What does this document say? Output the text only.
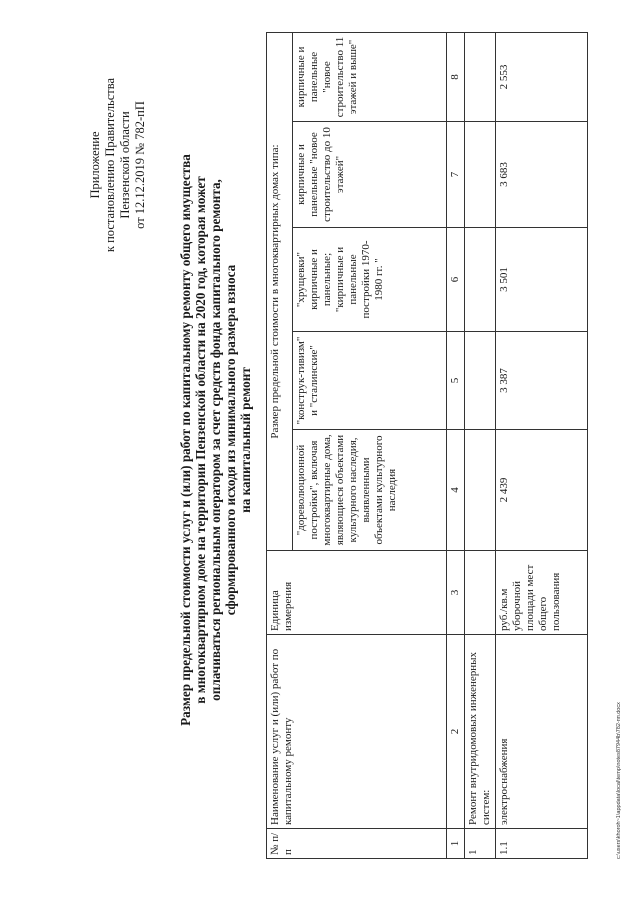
Приложение к постановлению Правительства Пензенской области от 12.12.2019 № 782-пП Размер предельной стоимости услуг и (или) работ по капитальному ремонту общего имущества в многоквартирном доме на территории Пензенской области на 2020 год, которая может оплачиваться региональным оператором за счет средств фонда капитального ремонта, сформированного исходя из минимального размера взноса на капитальный ремонт
№ п/п	Наименование услуг и (или) работ по капитальному ремонту	Единица измерения	Размер предельной стоимости в многоквартирных домах типа:				
			"дореволюционной постройки", включая многоквартирные дома, являющиеся объектами культурного наследия, выявленными объектами культурного наследия	"конструк-тивизм" и "сталинские"	"хрущевки" кирпичные и панельные; "кирпичные и панельные постройки 1970-1980 гг. "	кирпичные и панельные "новое строительство до 10 этажей"	кирпичные и панельные "новое строительство 11 этажей и выше"
1	2	3	4	5	6	7	8
1	Ремонт внутридомовых инженерных систем:						
1.1	электроснабжения	руб./кв.м уборочной площади мест общего пользования	2 439	3 387	3 501	3 683	2 553
c:\users\khoroh~1\appdata\local\temp\notes87944b\782-пп.docx
